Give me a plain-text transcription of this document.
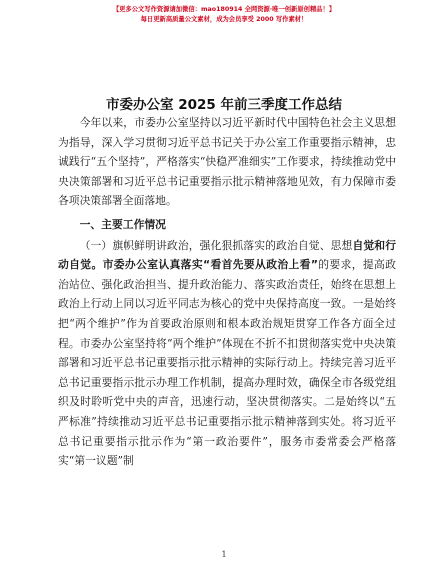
【更多公文写作资源请加微信：mao180914 全网资源·唯一创新原创精品！】
每日更新高质量公文素材，成为会员享受 2000 写作素材！
市委办公室 2025 年前三季度工作总结

今年以来，市委办公室坚持以习近平新时代中国特色社会主义思想为指导，深入学习贯彻习近平总书记关于办公室工作重要指示精神，忠诚践行“五个坚持”，严格落实“快稳严准细实”工作要求，持续推动党中央决策部署和习近平总书记重要指示批示精神落地见效，有力保障市委各项决策部署全面落地。

一、主要工作情况

（一）旗帜鲜明讲政治，强化狠抓落实的政治自觉、思想自觉和行动自觉。市委办公室认真落实“看首先要从政治上看”的要求，提高政治站位、强化政治担当、提升政治能力、落实政治责任，始终在思想上政治上行动上同以习近平同志为核心的党中央保持高度一致。一是始终把“两个维护”作为首要政治原则和根本政治规矩贯穿工作各方面全过程。市委办公室坚持将“两个维护”体现在不折不扣贯彻落实党中央决策部署和习近平总书记重要指示批示精神的实际行动上。持续完善习近平总书记重要指示批示办理工作机制，提高办理时效，确保全市各级党组织及时聆听党中央的声音，迅速行动，坚决贯彻落实。二是始终以“五严标准”持续推动习近平总书记重要指示批示精神落到实处。将习近平总书记重要指示批示作为“第一政治要件”，服务市委常委会严格落实“第一议题”制

1
